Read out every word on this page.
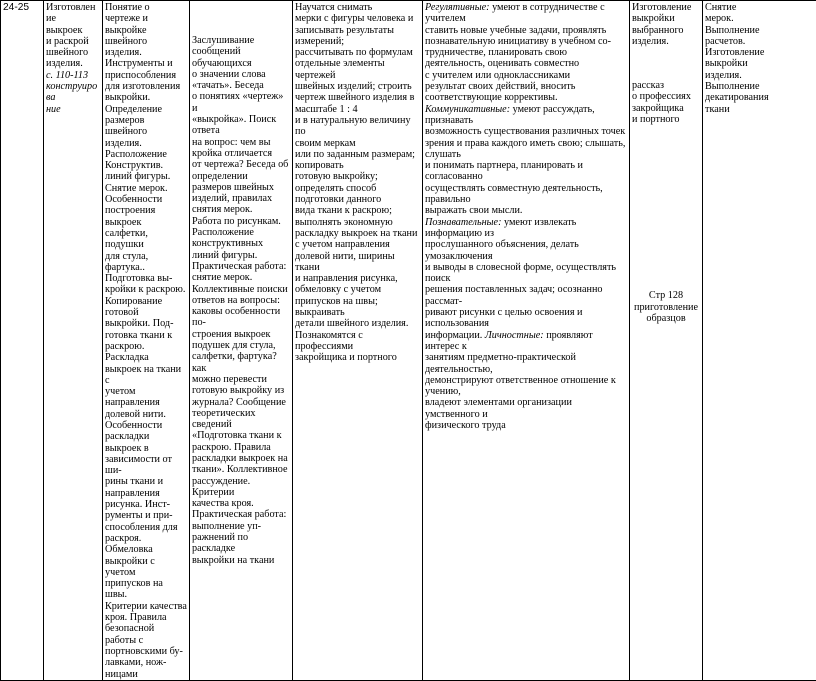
24-25	Изготовление
выкроек
и раскрой
швейного
изделия.
с. 110-113
конструирова
ние

Понятие о чертеже и
выкройке швейного
изделия.
Инструменты и
приспособления
для изготовления
выкройки.
Определение
размеров швейного
изделия.
Расположение
Конструктив.
линий фигуры.
Снятие мерок.
Особенности
построения выкроек
салфетки, подушки
для стула, фартука..
Подготовка вы-
кройки к раскрою.
Копирование готовой
выкройки. Под-
готовка ткани к
раскрою. Раскладка
выкроек на ткани с
учетом направления
долевой нити.
Особенности
раскладки выкроек в
зависимости от ши-
рины ткани и
направления
рисунка. Инст-
рументы и при-
способления для
раскроя. Обмеловка
выкройки с учетом
припусков на швы.
Критерии качества
кроя. Правила
безопасной работы с
портновскими бу-
лавками, нож-
ницами

Заслушивание
сообщений обучающихся
о значении слова
«тачать». Беседа
о понятиях «чертеж» и
«выкройка». Поиск
ответа
на вопрос: чем вы
кройка отличается
от чертежа? Беседа об
определении
размеров швейных
изделий, правилах
снятия мерок.
Работа по рисункам.
Расположение
конструктивных
линий фигуры.
Практическая работа:
снятие мерок.
Коллективные поиски
ответов на вопросы:
каковы особенности по-
строения выкроек
подушек для стула,
салфетки, фартука? как
можно перевести
готовую выкройку из
журнала? Сообщение
теоретических сведений
«Подготовка ткани к
раскрою. Правила
раскладки выкроек на
ткани». Коллективное
рассуждение. Критерии
качества кроя.
Практическая работа:
выполнение уп-
ражнений по раскладке
выкройки на ткани

Научатся снимать
мерки с фигуры человека и
записывать результаты
измерений;
рассчитывать по формулам
отдельные элементы чертежей
швейных изделий; строить
чертеж швейного изделия в
масштабе 1 : 4
и в натуральную величину по
своим меркам
или по заданным размерам;
копировать
готовую выкройку;
определять способ
подготовки данного
вида ткани к раскрою;
выполнять экономную
раскладку выкроек на ткани
с учетом направления
долевой нити, ширины ткани
и направления рисунка,
обмеловку с учетом
припусков на швы; выкраивать
детали швейного изделия.
Познакомятся с профессиями
закройщика и портного

Регулятивные: умеют в сотрудничестве с учителем
ставить новые учебные задачи, проявлять
познавательную инициативу в учебном со-
трудничестве, планировать свою
деятельность, оценивать совместно
с учителем или одноклассниками
результат своих действий, вносить
соответствующие коррективы.
Коммуникативные: умеют рассуждать, признавать
возможность существования различных точек
зрения и права каждого иметь свою; слышать, слушать
и понимать партнера, планировать и согласованно
осуществлять совместную деятельность, правильно
выражать свои мысли.
Познавательные: умеют извлекать информацию из
прослушанного объяснения, делать умозаключения
и выводы в словесной форме, осуществлять поиск
решения поставленных задач; осознанно рассмат-
ривают рисунки с целью освоения и использования
информации. Личностные: проявляют интерес к
занятиям предметно-практической деятельностью,
демонстрируют ответственное отношение к учению,
владеют элементами организации умственного и
физического труда

Изготовление
выкройки
выбранного
изделия.
рассказ
о профессиях
закройщика
и портного
Стр 128
приготовление
образцов

Снятие
мерок.
Выполнение
расчетов.
Изготовление
выкройки
изделия.
Выполнение
декатирования
ткани
